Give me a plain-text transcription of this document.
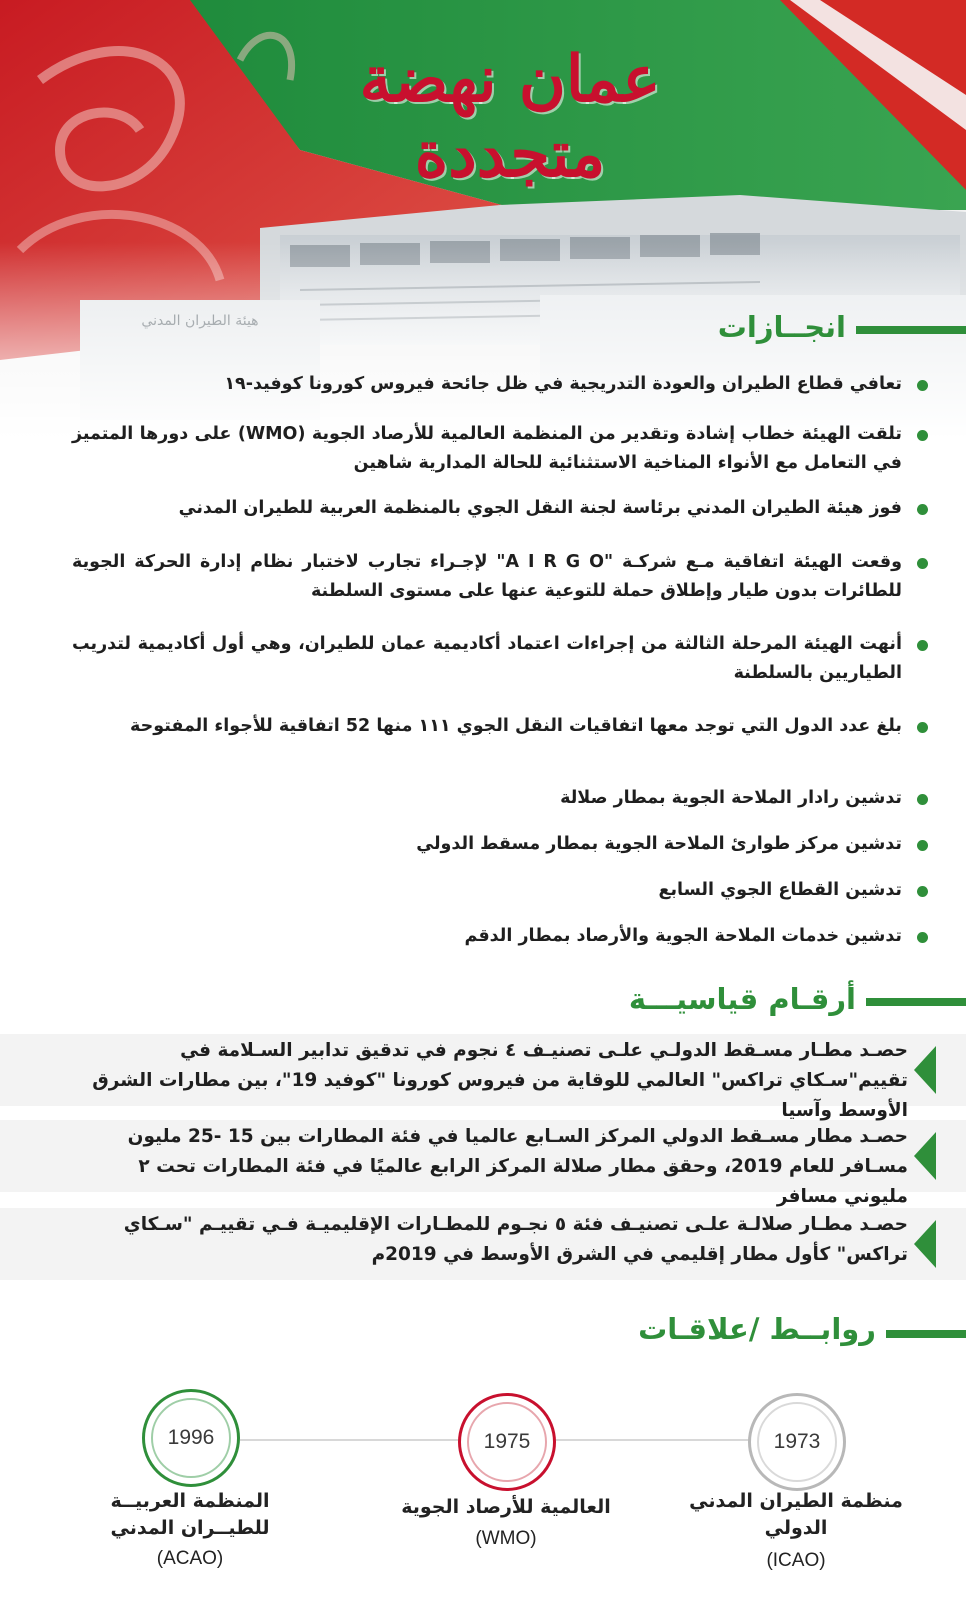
عمان نهضة متجددة
انجــازات
تعافي قطاع الطيران والعودة التدريجية في ظل جائحة فيروس كورونا كوفيد-١٩
تلقت الهيئة خطاب إشادة وتقدير من المنظمة العالمية للأرصاد الجوية (WMO) على دورها المتميز في التعامل مع الأنواء المناخية الاستثنائية للحالة المدارية شاهين
فوز هيئة الطيران المدني برئاسة لجنة النقل الجوي بالمنظمة العربية للطيران المدني
وقعت الهيئة اتفاقية مـع شركـة "A I R G O" لإجـراء تجارب لاختبار نظام إدارة الحركة الجوية للطائرات بدون طيار وإطلاق حملة للتوعية عنها على مستوى السلطنة
أنهت الهيئة المرحلة الثالثة من إجراءات اعتماد أكاديمية عمان للطيران، وهي أول أكاديمية لتدريب الطياريين بالسلطنة
بلغ عدد الدول التي توجد معها اتفاقيات النقل الجوي ١١١ منها 52 اتفاقية للأجواء المفتوحة
تدشين رادار الملاحة الجوية بمطار صلالة
تدشين مركز طوارئ الملاحة الجوية بمطار مسقط الدولي
تدشين القطاع الجوي السابع
تدشين خدمات الملاحة الجوية والأرصاد بمطار الدقم
أرقـام قياسيـــة
حصـد مطـار مسـقط الدولـي علـى تصنيـف ٤ نجوم في تدقيق تدابير السـلامة في تقييم"سـكاي تراكس" العالمي للوقاية من فيروس كورونا "كوفيد 19"، بين مطارات الشرق الأوسط وآسيا
حصـد مطار مسـقط الدولي المركز السـابع عالميا في فئة المطارات بين 15 -25 مليون مسـافر للعام 2019، وحقق مطار صلالة المركز الرابع عالميًا في فئة المطارات تحت ٢ مليوني مسافر
حصـد مطـار صلالـة علـى تصنيـف فئة ٥ نجـوم للمطـارات الإقليميـة فـي تقييـم "سـكاي تراكس" كأول مطار إقليمي في الشرق الأوسط في 2019م
روابــط /علاقـات
1973
منظمة الطيران المدني الدولي
(ICAO)
1975
العالمية للأرصاد الجوية
(WMO)
1996
المنظمة العربيــة للطيــران المدني
(ACAO)
